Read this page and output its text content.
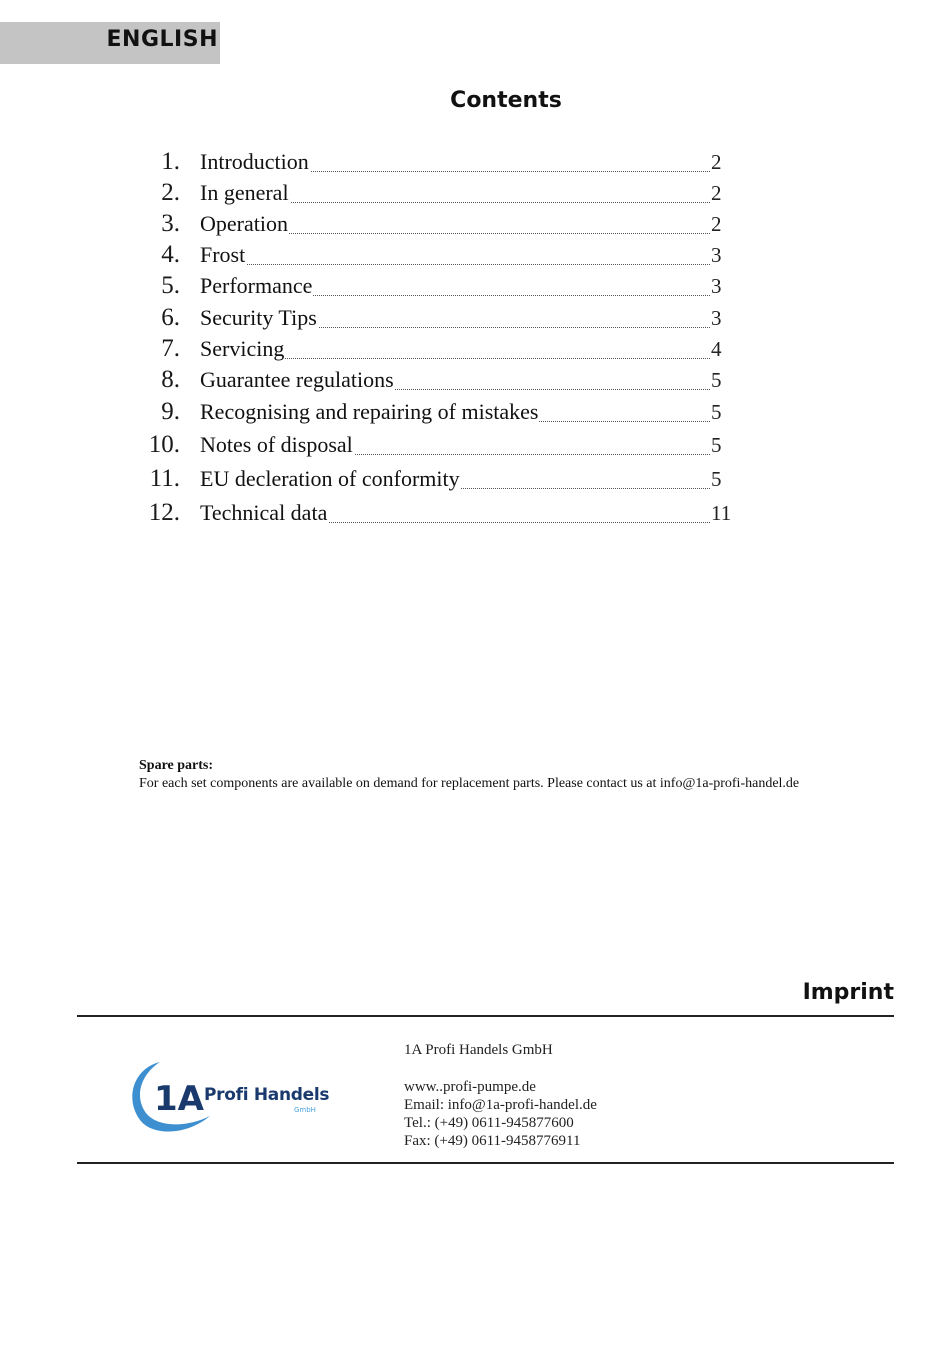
ENGLISH
Contents
1. Introduction	2
2. In general	2
3. Operation	2
4. Frost	3
5. Performance	3
6. Security Tips	3
7. Servicing	4
8. Guarantee regulations	5
9. Recognising and repairing of mistakes	5
10. Notes of disposal	5
11. EU decleration of conformity	5
12. Technical data	11
Spare parts:
For each set components are available on demand for replacement parts. Please contact us at info@1a-profi-handel.de
Imprint
1A Profi Handels
GmbH
1A Profi Handels GmbH
www..profi-pumpe.de
Email: info@1a-profi-handel.de
Tel.: (+49) 0611-945877600
Fax: (+49) 0611-9458776911
